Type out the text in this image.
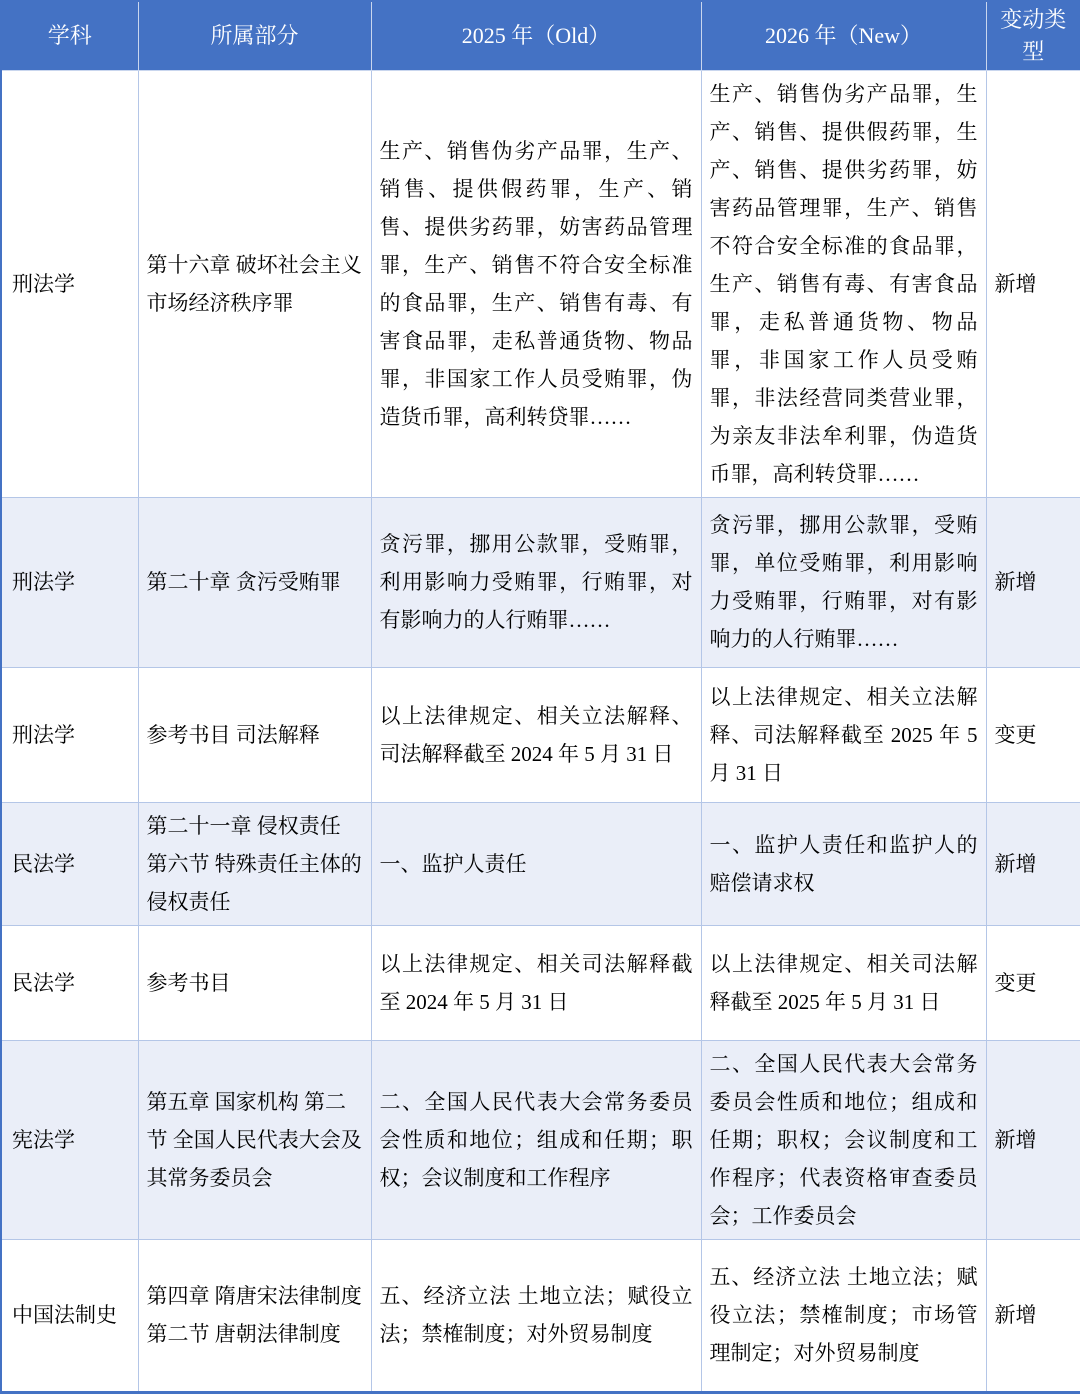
学科	所属部分	2025 年（Old）	2026 年（New）	变动类型
刑法学	第十六章 破坏社会主义市场经济秩序罪	生产、销售伪劣产品罪，生产、销售、提供假药罪，生产、销售、提供劣药罪，妨害药品管理罪，生产、销售不符合安全标准的食品罪，生产、销售有毒、有害食品罪，走私普通货物、物品罪，非国家工作人员受贿罪，伪造货币罪，高利转贷罪……	生产、销售伪劣产品罪，生产、销售、提供假药罪，生产、销售、提供劣药罪，妨害药品管理罪，生产、销售不符合安全标准的食品罪，生产、销售有毒、有害食品罪，走私普通货物、物品罪，非国家工作人员受贿罪，非法经营同类营业罪，为亲友非法牟利罪，伪造货币罪，高利转贷罪……	新增
刑法学	第二十章 贪污受贿罪	贪污罪，挪用公款罪，受贿罪，利用影响力受贿罪，行贿罪，对有影响力的人行贿罪……	贪污罪，挪用公款罪，受贿罪，单位受贿罪，利用影响力受贿罪，行贿罪，对有影响力的人行贿罪……	新增
刑法学	参考书目 司法解释	以上法律规定、相关立法解释、司法解释截至 2024 年 5 月 31 日	以上法律规定、相关立法解释、司法解释截至 2025 年 5 月 31 日	变更
民法学	第二十一章 侵权责任 第六节 特殊责任主体的侵权责任	一、监护人责任	一、监护人责任和监护人的赔偿请求权	新增
民法学	参考书目	以上法律规定、相关司法解释截至 2024 年 5 月 31 日	以上法律规定、相关司法解释截至 2025 年 5 月 31 日	变更
宪法学	第五章 国家机构 第二节 全国人民代表大会及其常务委员会	二、全国人民代表大会常务委员会性质和地位；组成和任期；职权；会议制度和工作程序	二、全国人民代表大会常务委员会性质和地位；组成和任期；职权；会议制度和工作程序；代表资格审查委员会；工作委员会	新增
中国法制史	第四章 隋唐宋法律制度 第二节 唐朝法律制度	五、经济立法 土地立法；赋役立法；禁榷制度；对外贸易制度	五、经济立法 土地立法；赋役立法；禁榷制度；市场管理制定；对外贸易制度	新增
